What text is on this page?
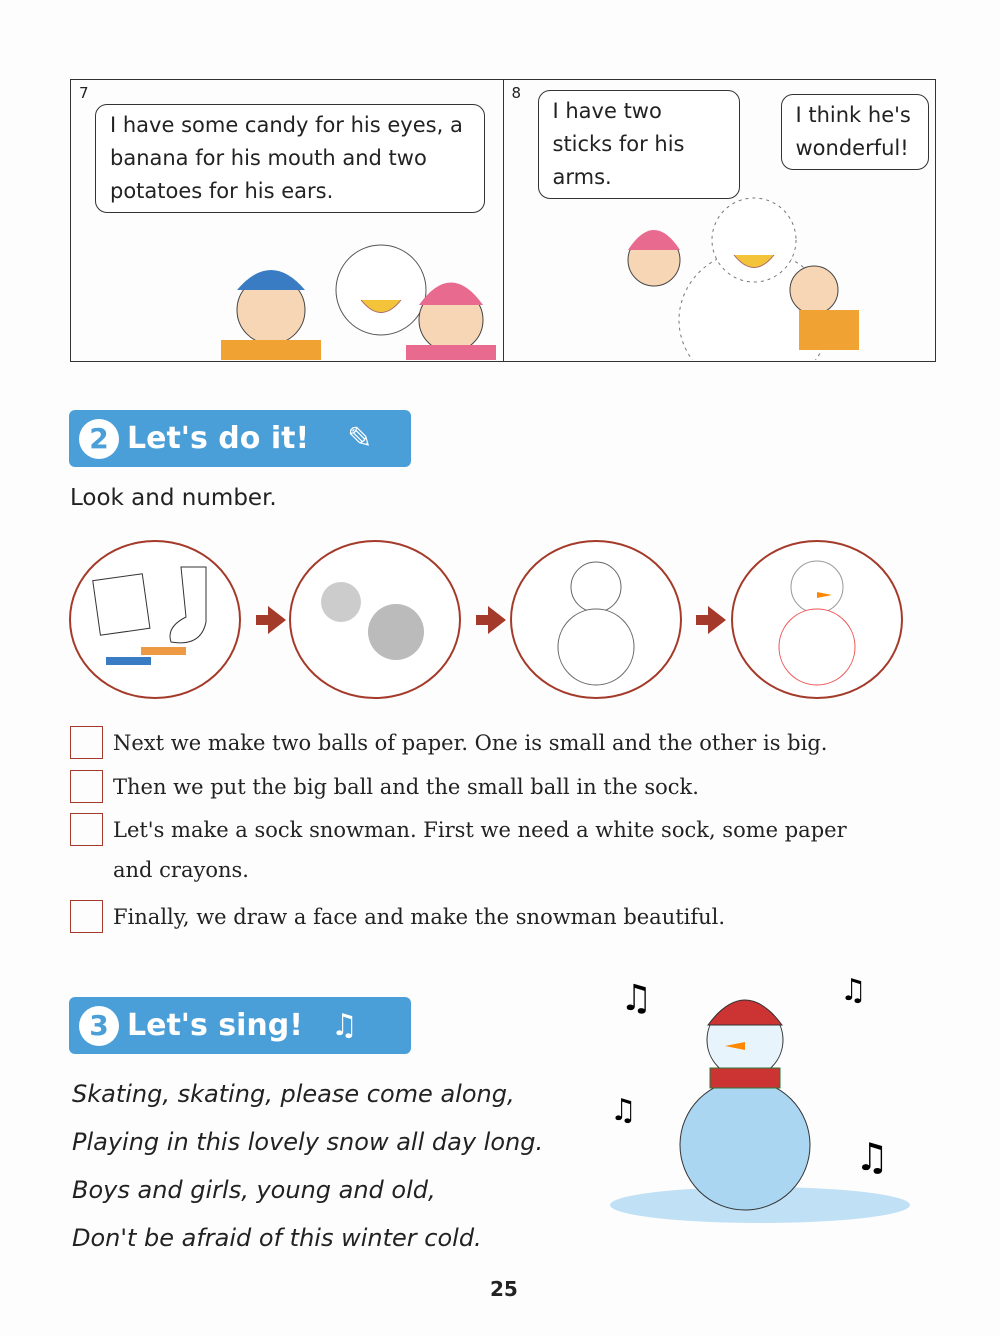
7
I have some candy for his eyes, a banana for his mouth and two potatoes for his ears.
8
I have two sticks for his arms.
I think he's wonderful!
2 Let's do it! ✎
Look and number.
Next we make two balls of paper. One is small and the other is big.
Then we put the big ball and the small ball in the sock.
Let's make a sock snowman. First we need a white sock, some paper and crayons.
Finally, we draw a face and make the snowman beautiful.
3 Let's sing! ♫
Skating, skating, please come along,
Playing in this lovely snow all day long.
Boys and girls, young and old,
Don't be afraid of this winter cold.
♫	♫
♫
♫
25
